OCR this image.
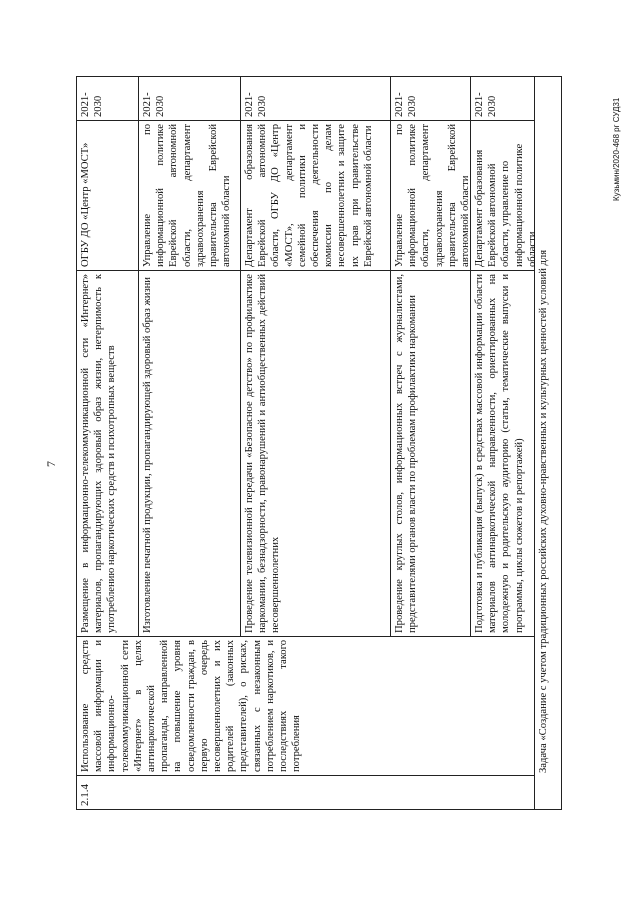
7
2.1.4
Использование средств массовой информации и информационно-телекоммуникационной сети «Интернет» в целях антинаркотической пропаганды, направленной на повышение уровня осведомленности граждан, в первую очередь несовершеннолетних и их родителей (законных представителей), о рисках, связанных с незаконным потреблением наркотиков, и последствиях такого потребления
Размещение в информационно-телекоммуникационной сети «Интернет» материалов, пропагандирующих здоровый образ жизни, нетерпимость к употреблению наркотических средств и психотропных веществ
ОГБУ ДО «Центр «МОСТ»
2021-2030
Изготовление печатной продукции, пропагандирующей здоровый образ жизни
Управление по информационной политике Еврейской автономной области, департамент здравоохранения правительства Еврейской автономной области
2021-2030
Проведение телевизионной передачи «Безопасное детство» по профилактике наркомании, безнадзорности, правонарушений и антиобщественных действий несовершеннолетних
Департамент образования Еврейской автономной области, ОГБУ ДО «Центр «МОСТ», департамент семейной политики и обеспечения деятельности комиссии по делам несовершеннолетних и защите их прав при правительстве Еврейской автономной области
2021-2030
Проведение круглых столов, информационных встреч с журналистами, представителями органов власти по проблемам профилактики наркомании
Управление по информационной политике области, департамент здравоохранения правительства Еврейской автономной области
2021-2030
Подготовка и публикация (выпуск) в средствах массовой информации области материалов антинаркотической направленности, ориентированных на молодежную и родительскую аудиторию (статьи, тематические выпуски и программы, циклы сюжетов и репортажей)
Департамент образования Еврейской автономной области, управление по информационной политике области
2021-2030
Задача «Создание с учетом традиционных российских духовно-нравственных и культурных ценностей условий для
Кузьмин/2020-468 рг СУД31
